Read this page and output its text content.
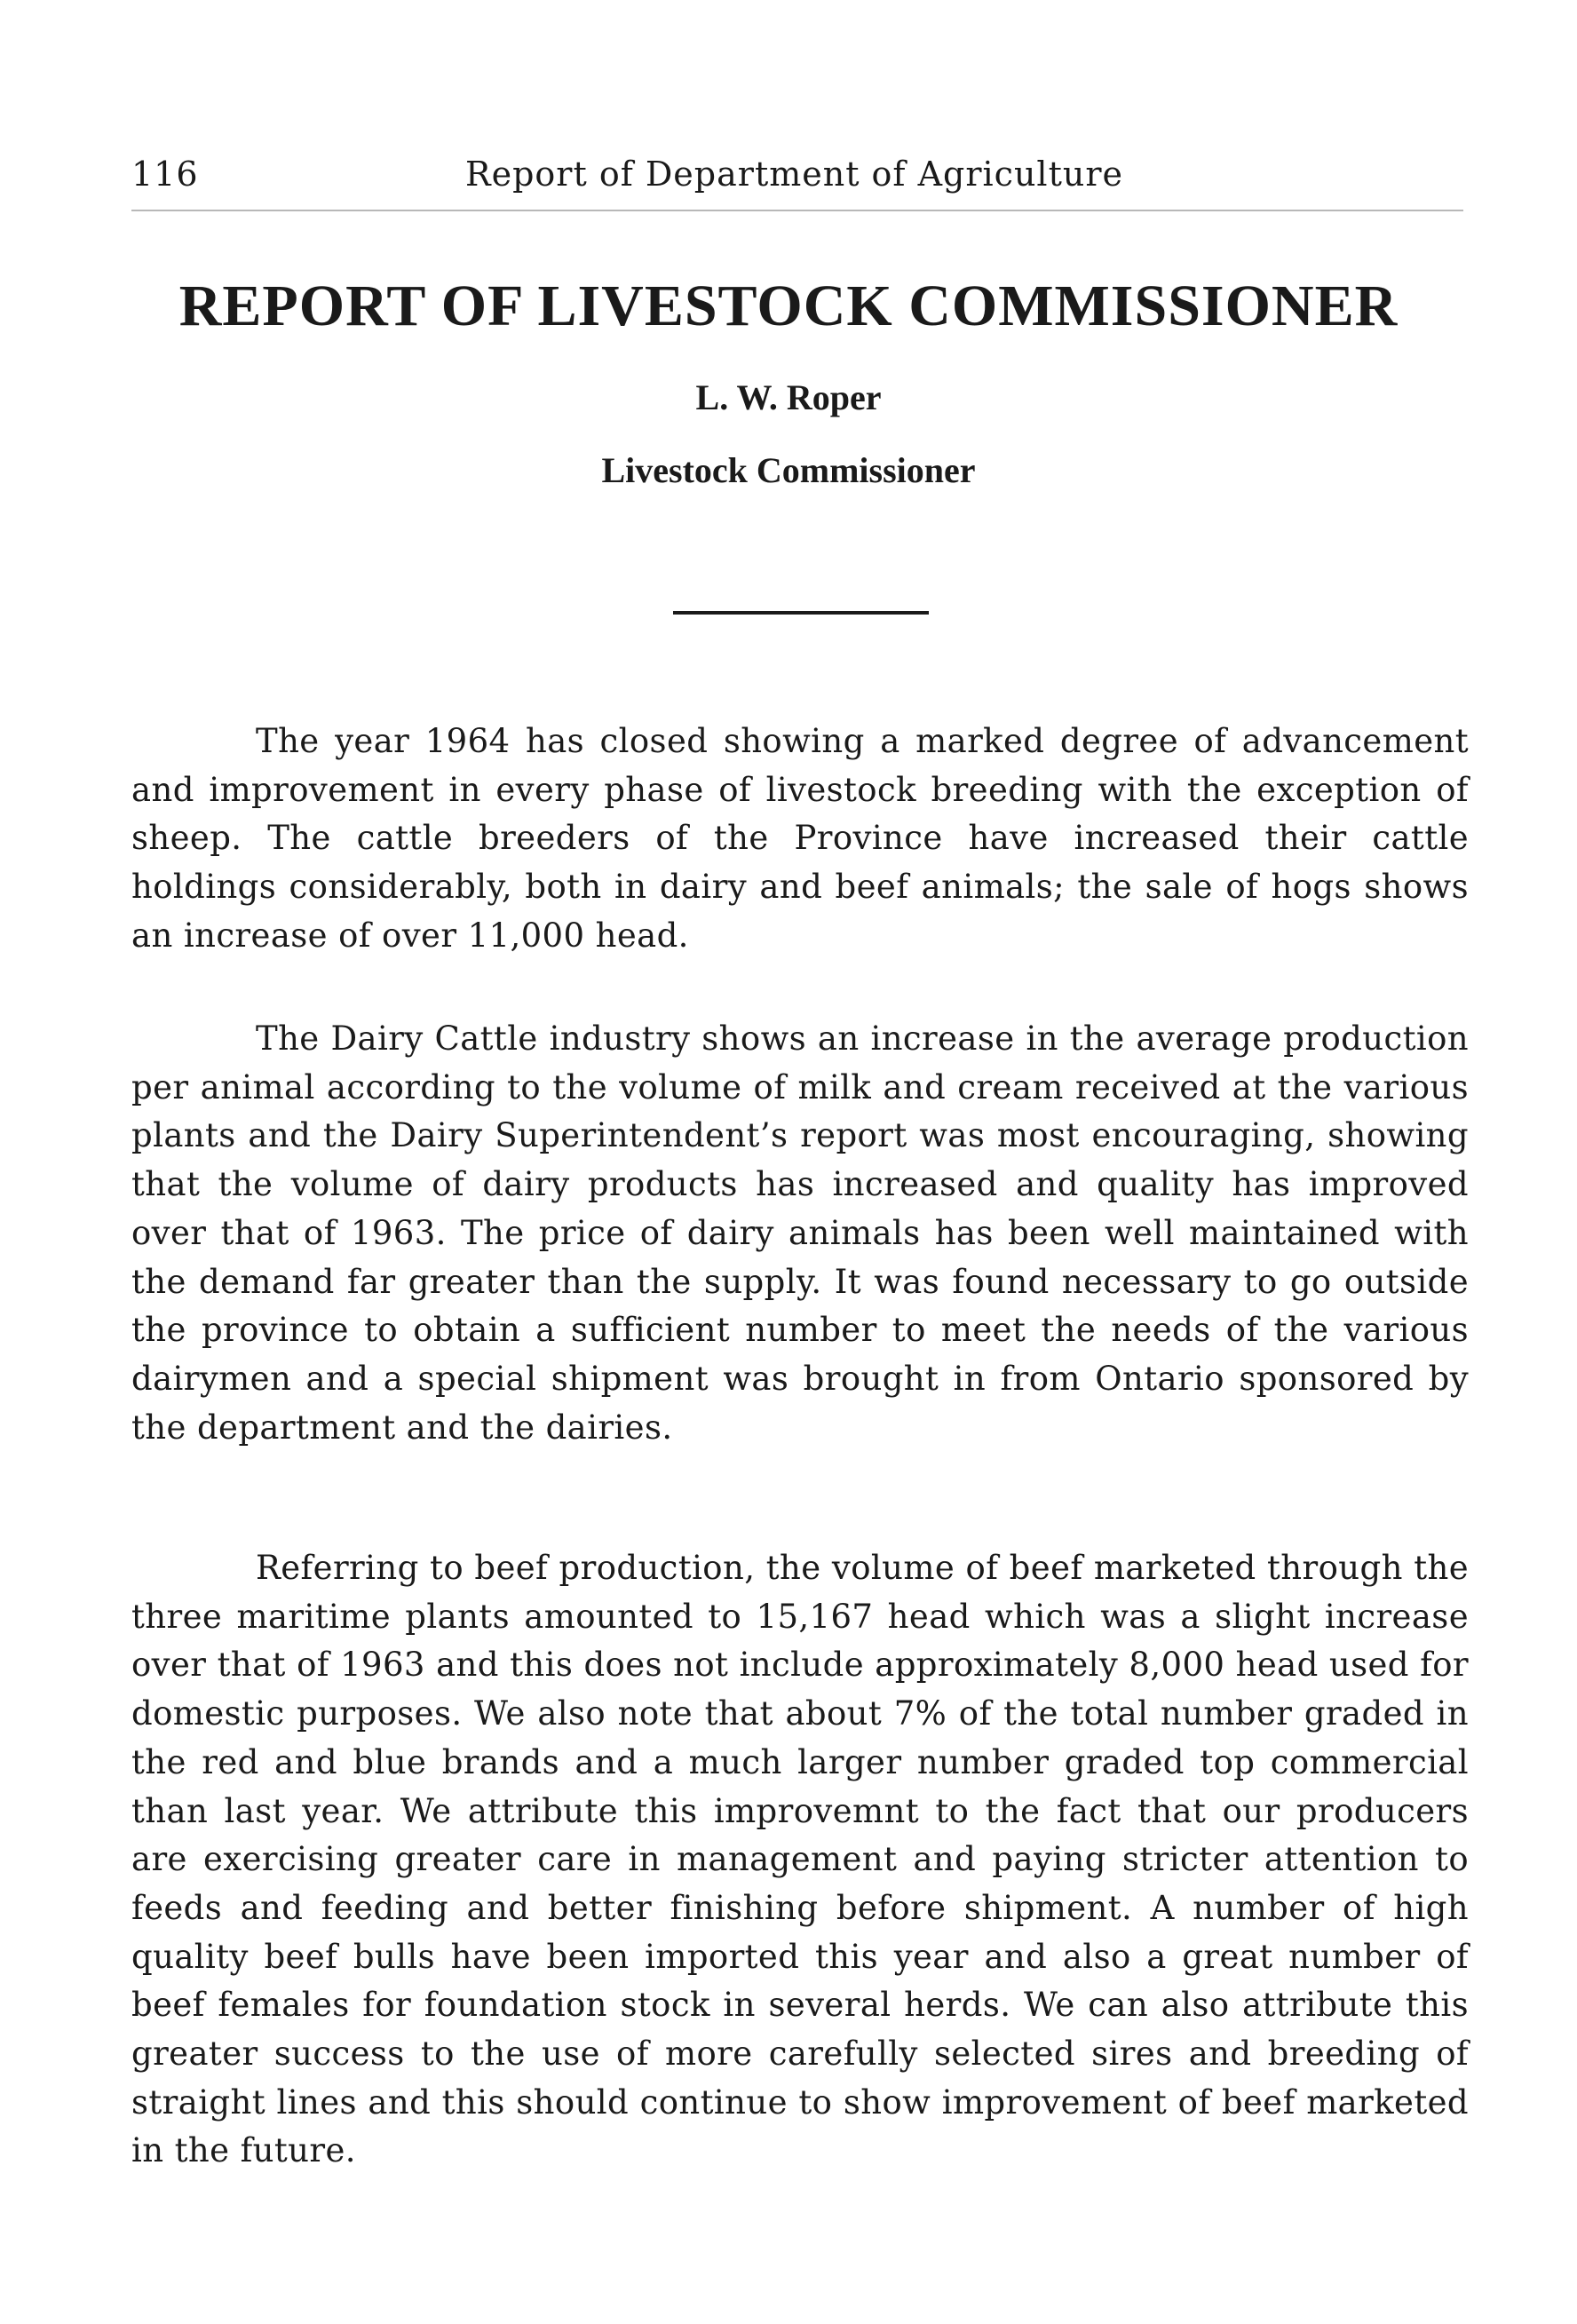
116	Report of Department of Agriculture
REPORT OF LIVESTOCK COMMISSIONER
L. W. Roper
Livestock Commissioner

The year 1964 has closed showing a marked degree of advancement and improvement in every phase of livestock breeding with the exception of sheep. The cattle breeders of the Province have increased their cattle holdings considerably, both in dairy and beef animals; the sale of hogs shows an increase of over 11,000 head.

The Dairy Cattle industry shows an increase in the average production per animal according to the volume of milk and cream received at the various plants and the Dairy Superintendent’s report was most encouraging, showing that the volume of dairy products has increased and quality has improved over that of 1963. The price of dairy animals has been well maintained with the demand far greater than the supply. It was found necessary to go outside the province to obtain a sufficient number to meet the needs of the various dairymen and a special shipment was brought in from Ontario sponsored by the department and the dairies.

Referring to beef production, the volume of beef marketed through the three maritime plants amounted to 15,167 head which was a slight increase over that of 1963 and this does not include approximately 8,000 head used for domestic purposes. We also note that about 7% of the total number graded in the red and blue brands and a much larger number graded top commercial than last year. We attribute this improvemnt to the fact that our producers are exercising greater care in management and paying stricter attention to feeds and feeding and better finishing before shipment. A number of high quality beef bulls have been imported this year and also a great number of beef females for foundation stock in several herds. We can also attribute this greater success to the use of more carefully selected sires and breeding of straight lines and this should continue to show improvement of beef marketed in the future.
